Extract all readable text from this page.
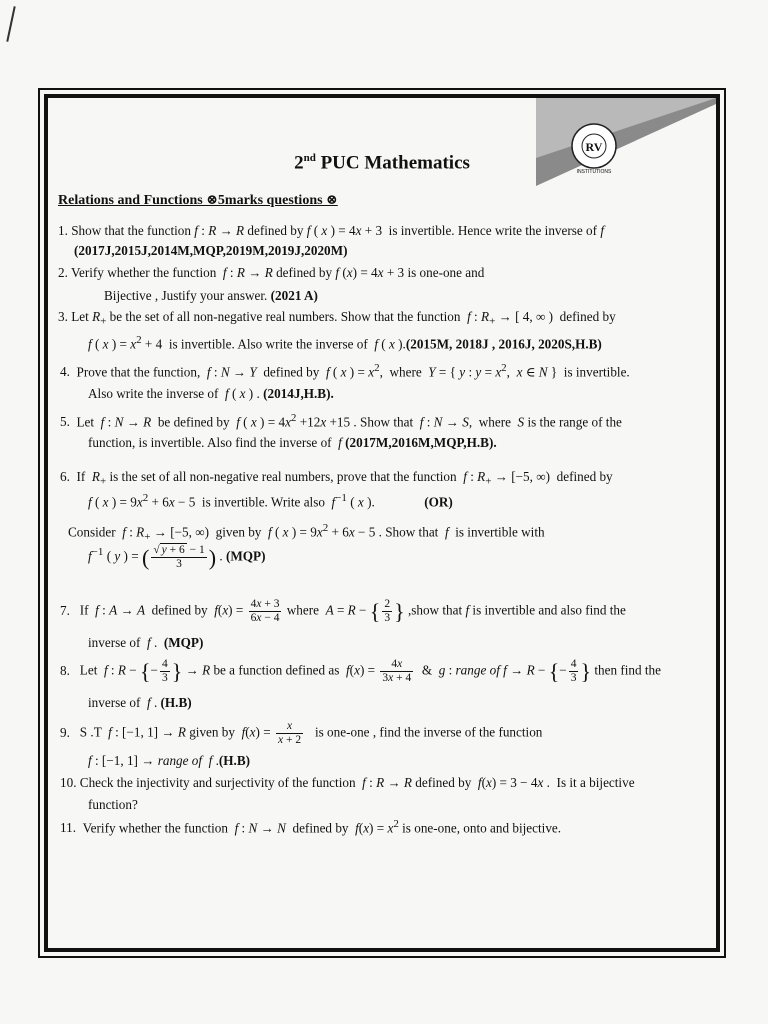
RV
INSTITUTIONS
2nd PUC Mathematics
Relations and Functions ⊗5marks questions ⊗
1. Show that the function f : R → R defined by f ( x ) = 4x + 3  is invertible. Hence write the inverse of f
(2017J,2015J,2014M,MQP,2019M,2019J,2020M)
2. Verify whether the function  f : R → R defined by f (x) = 4x + 3 is one-one and
Bijective , Justify your answer. (2021 A)
3. Let $R_+$ be the set of all non-negative real numbers. Show that the function  f : $R_+$ → [ 4, ∞ )  defined by
f ( x ) = $x^2 + 4$  is invertible. Also write the inverse of  f ( x ).(2015M, 2018J , 2016J, 2020S,H.B)
4.  Prove that the function,  f : N → Y  defined by  f ( x ) = $x^2$,  where  Y = { y : $y = x^2$,  x ∈ N }  is invertible.
Also write the inverse of  f ( x ) . (2014J,H.B).
5.  Let  f : N → R  be defined by  f ( x ) = $4x^2 +12x +15$ . Show that  f : N → S,  where  S is the range of the
function, is invertible. Also find the inverse of  f (2017M,2016M,MQP,H.B).
6.  If  $R_+$ is the set of all non-negative real numbers, prove that the function  f : $R_+ \to [-5$, ∞)  defined by
f ( x ) = $9x^2 + 6x - 5$  is invertible. Write also  $f^{-1}$ ( x ).               (OR)
Consider  f : $R_+ \to [-5$, ∞)  given by  f ( x ) = $9x^2 + 6x - 5$ . Show that  f  is invertible with
$f^{-1}$ ( y ) = ( $\frac{√ y + 6 - 1}{3}$ ) . (MQP)
7.   If  f : A → A  defined by  $f(x) = \frac{4x + 3}{6x - 4}$ where  A = R − { $\frac{2}{3}$ } ,show that f is invertible and also find the
inverse of  f .  (MQP)
8.   Let  f : R − {− $\frac{4}{3}$ } → R be a function defined as  $f(x) = \frac{4x}{3x + 4}$ &  g : range of f → R − {− $\frac{4}{3}$ } then find the
inverse of  f . (H.B)
9.   S .T  f : [−1, 1] → R given by  $f(x) = \frac{x}{x + 2}$ is one-one , find the inverse of the function
f : [−1, 1] → range of  f .(H.B)
10. Check the injectivity and surjectivity of the function  f : R → R defined by  f(x) = 3 − 4x .  Is it a bijective
function?
11.  Verify whether the function  f : N → N  defined by  $f(x) = x^2$ is one-one, onto and bijective.
